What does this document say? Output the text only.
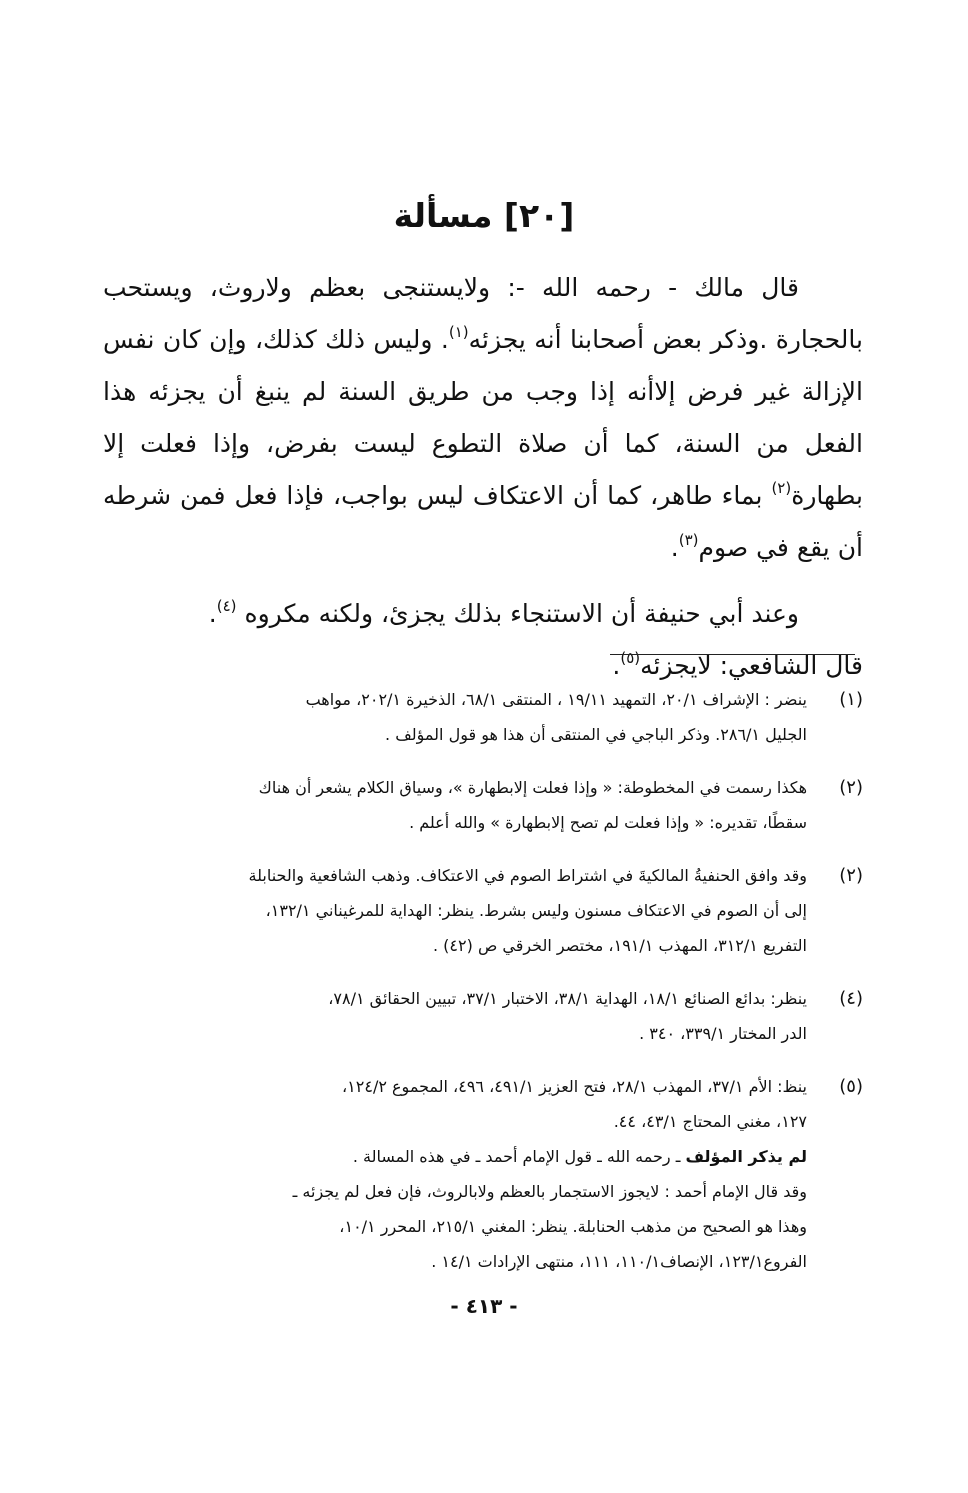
[٢٠] مسألة

قال مالك - رحمه الله -: ولايستنجى بعظم ولاروث، ويستحب بالحجارة .وذكر بعض أصحابنا أنه يجزئه$^{(١)}$. وليس ذلك كذلك، وإن كان نفس الإزالة غير فرض إلاأنه إذا وجب من طريق السنة لم ينبغ أن يجزئه هذا الفعل من السنة، كما أن صلاة التطوع ليست بفرض، وإذا فعلت إلا بطهارة$^{(٢)}$ بماء طاهر، كما أن الاعتكاف ليس بواجب، فإذا فعل فمن شرطه أن يقع في صوم$^{(٣)}$.

وعند أبي حنيفة أن الاستنجاء بذلك يجزئ، ولكنه مكروه $^{(٤)}$.

قال الشافعي: لايجزئه$^{(٥)}$.

(١)
ينضر : الإشراف ٢٠/١، التمهيد ١٩/١١ ، المنتقى ٦٨/١، الذخيرة ٢٠٢/١، مواهب
الجليل ٢٨٦/١. وذكر الباجي في المنتقى أن هذا هو قول المؤلف .
(٢)
هكذا رسمت في المخطوطة: « وإذا فعلت إلابطهارة »، وسياق الكلام يشعر أن هناك
سقطًا، تقديره: « وإذا فعلت لم تصح إلابطهارة » والله أعلم .
(٢)
وقد وافق الحنفيةُ المالكيةَ في اشتراط الصوم في الاعتكاف. وذهب الشافعية والحنابلة
إلى أن الصوم في الاعتكاف مسنون وليس بشرط. ينظر: الهداية للمرغيناني ١٣٢/١،
التفريع ٣١٢/١، المهذب ١٩١/١، مختصر الخرقي ص (٤٢) .
(٤)
ينظر: بدائع الصنائع ١٨/١، الهداية ٣٨/١، الاختبار ٣٧/١، تبيين الحقائق ٧٨/١،
الدر المختار ٣٣٩/١، ٣٤٠ .
(٥)
ينظ: الأم ٣٧/١، المهذب ٢٨/١، فتح العزيز ٤٩١/١، ٤٩٦، المجموع ١٢٤/٢،
١٢٧، مغني المحتاج ٤٣/١، ٤٤.
لم يذكر المؤلف ـ رحمه الله ـ قول الإمام أحمد ـ في هذه المسالة .
وقد قال الإمام أحمد : لايجوز الاستجمار بالعظم ولابالروث، فإن فعل لم يجزئه ـ
وهذا هو الصحيح من مذهب الحنابلة. ينظر: المغني ٢١٥/١، المحرر ١٠/١،
الفروع١٢٣/١، الإنصاف١١٠/١، ١١١، منتهى الإرادات ١٤/١ .
- ٤١٣ -
